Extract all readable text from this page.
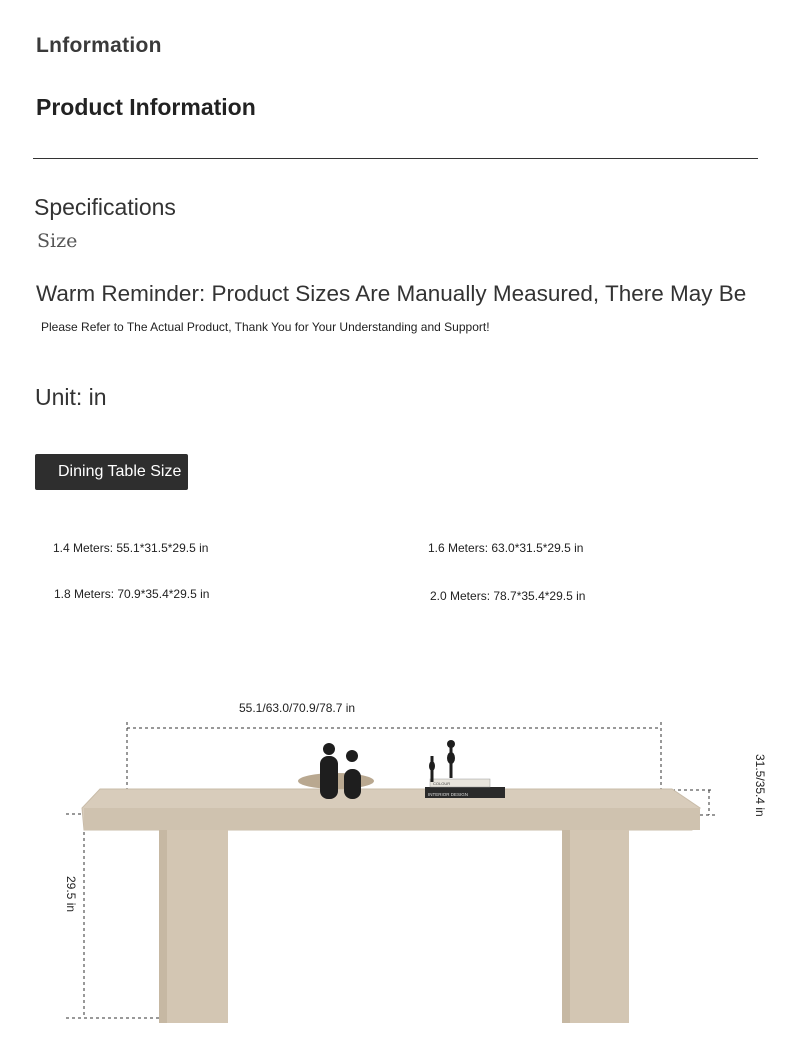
Lnformation
Product Information
Specifications
Size
Warm Reminder: Product Sizes Are Manually Measured, There May Be
Please Refer to The Actual Product, Thank You for Your Understanding and Support!
Unit: in
Dining Table Size
1.4 Meters: 55.1*31.5*29.5 in	1.6 Meters: 63.0*31.5*29.5 in
1.8 Meters: 70.9*35.4*29.5 in	2.0 Meters: 78.7*35.4*29.5 in
55.1/63.0/70.9/78.7 in
31.5/35.4 in
29.5 in
COLOUR
INTERIOR DESIGN
